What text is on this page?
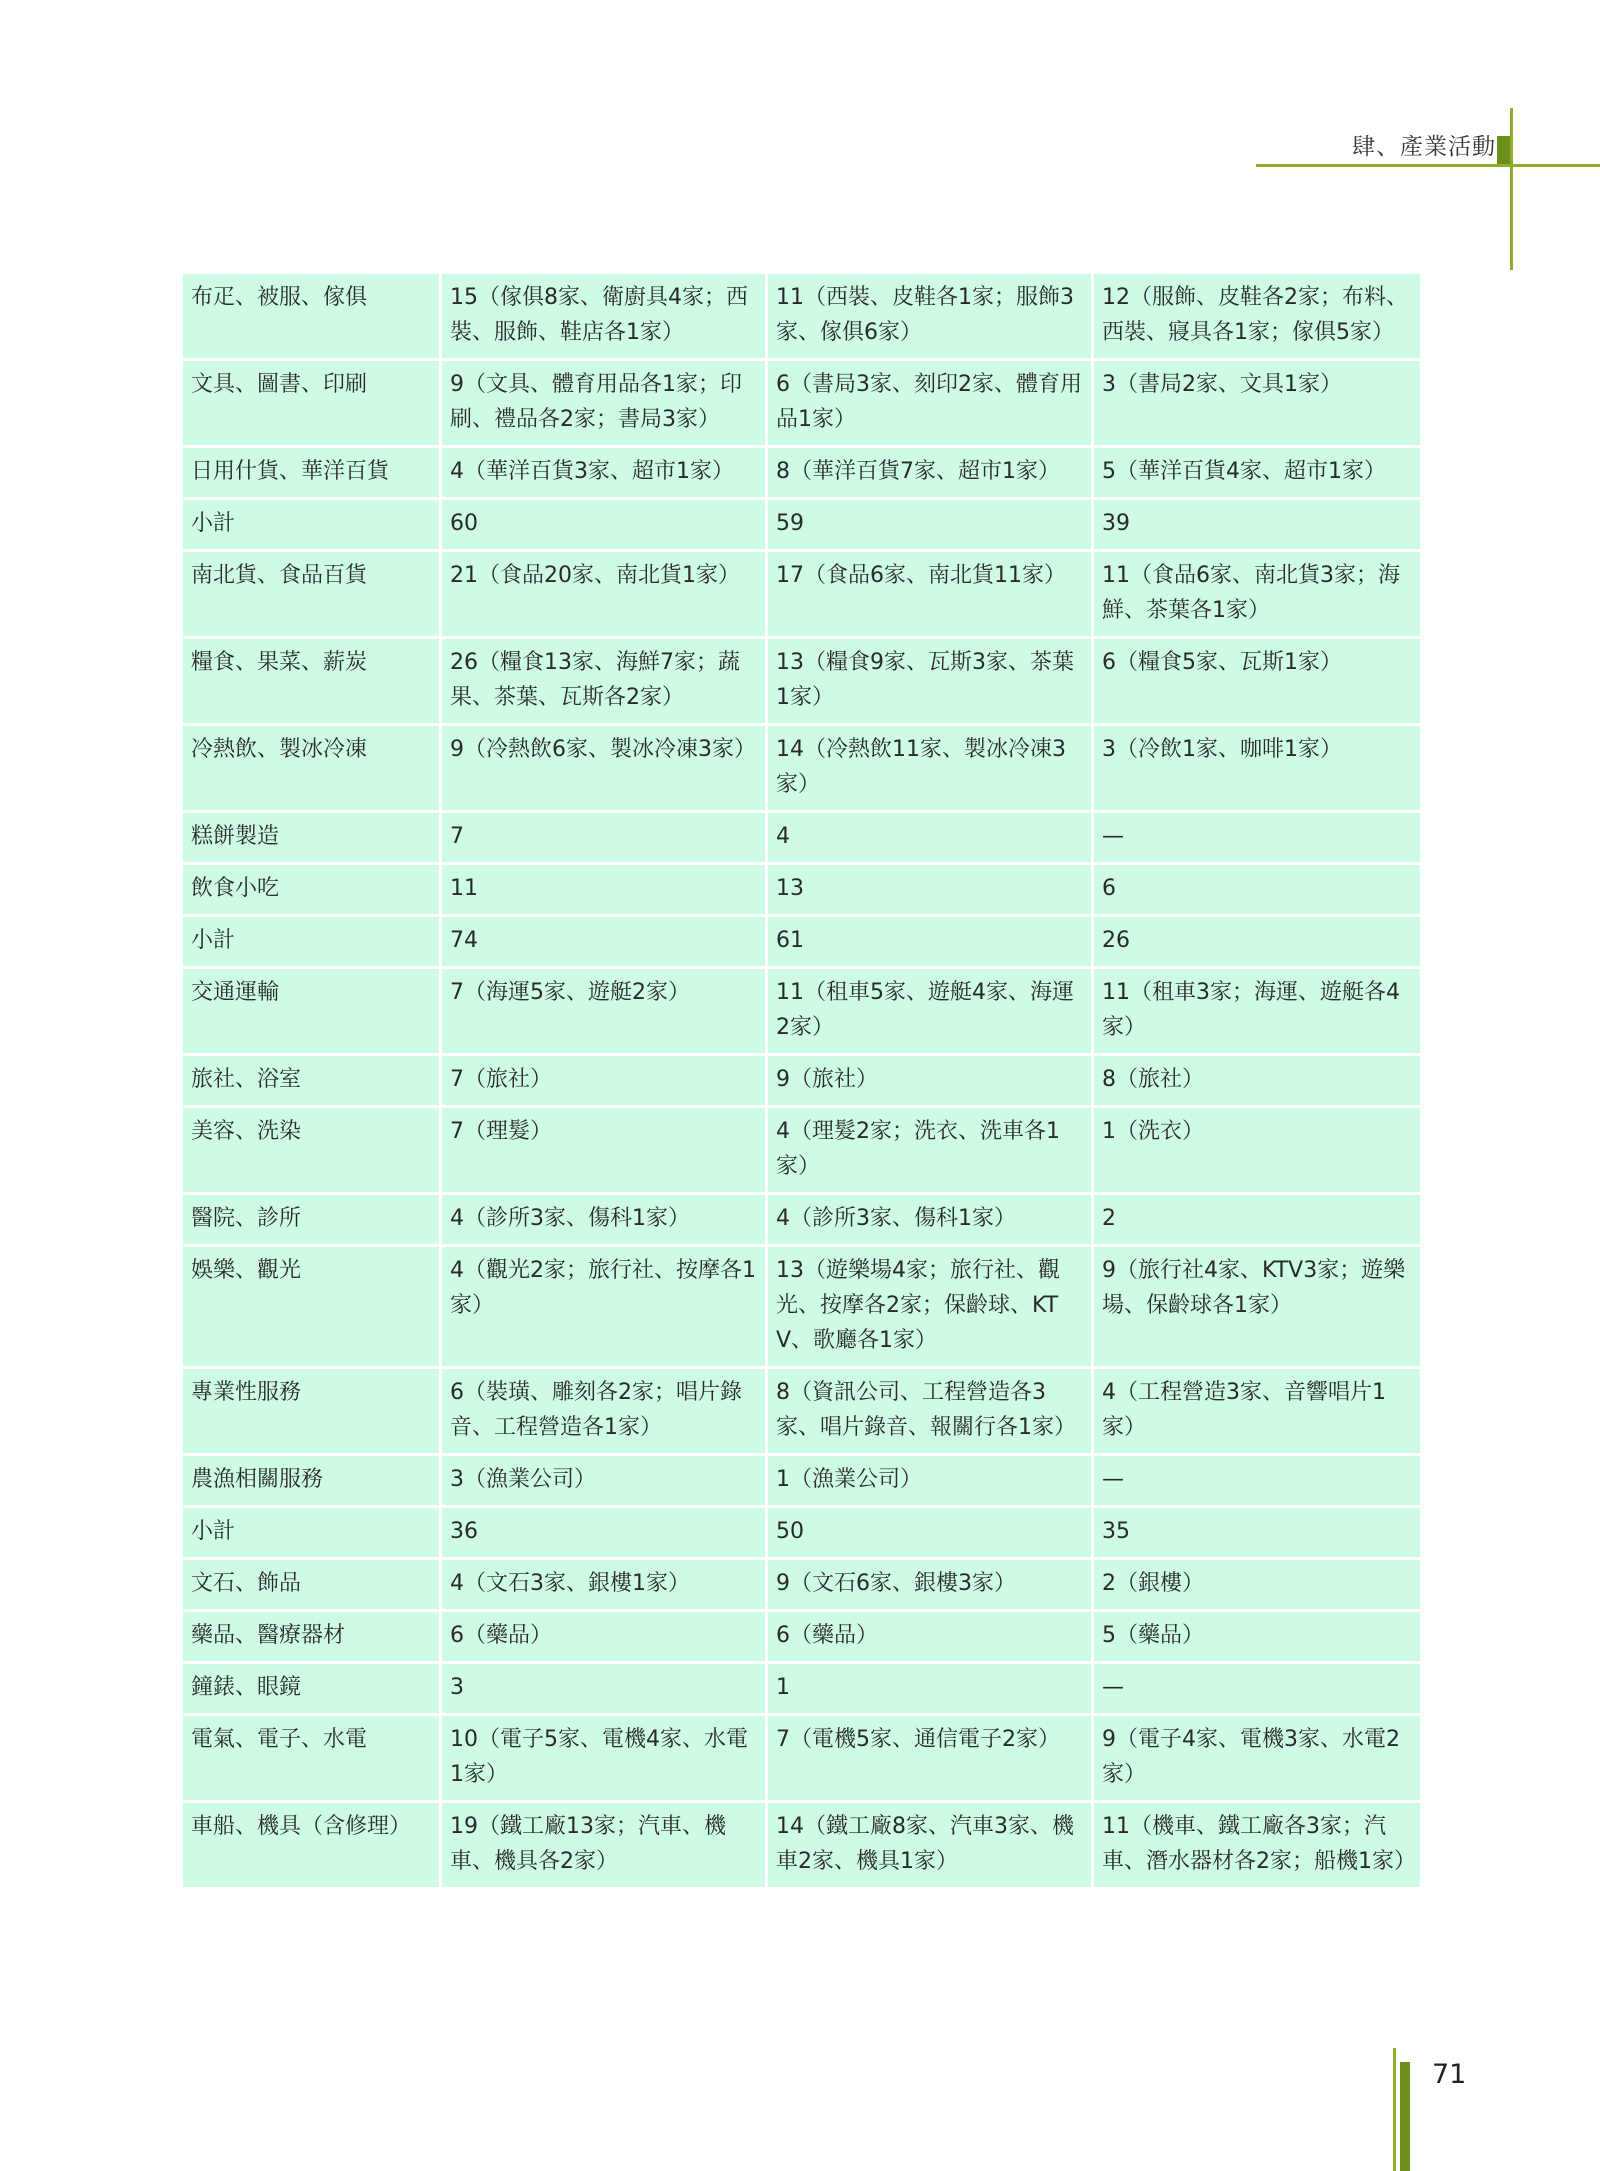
肆、產業活動
布疋、被服、傢俱	15（傢俱8家、衛廚具4家；西裝、服飾、鞋店各1家）	11（西裝、皮鞋各1家；服飾3家、傢俱6家）	12（服飾、皮鞋各2家；布料、西裝、寢具各1家；傢俱5家）
文具、圖書、印刷	9（文具、體育用品各1家；印刷、禮品各2家；書局3家）	6（書局3家、刻印2家、體育用品1家）	3（書局2家、文具1家）
日用什貨、華洋百貨	4（華洋百貨3家、超市1家）	8（華洋百貨7家、超市1家）	5（華洋百貨4家、超市1家）
小計	60	59	39
南北貨、食品百貨	21（食品20家、南北貨1家）	17（食品6家、南北貨11家）	11（食品6家、南北貨3家；海鮮、茶葉各1家）
糧食、果菜、薪炭	26（糧食13家、海鮮7家；蔬果、茶葉、瓦斯各2家）	13（糧食9家、瓦斯3家、茶葉1家）	6（糧食5家、瓦斯1家）
冷熱飲、製冰冷凍	9（冷熱飲6家、製冰冷凍3家）	14（冷熱飲11家、製冰冷凍3家）	3（冷飲1家、咖啡1家）
糕餅製造	7	4	—
飲食小吃	11	13	6
小計	74	61	26
交通運輸	7（海運5家、遊艇2家）	11（租車5家、遊艇4家、海運2家）	11（租車3家；海運、遊艇各4家）
旅社、浴室	7（旅社）	9（旅社）	8（旅社）
美容、洗染	7（理髮）	4（理髮2家；洗衣、洗車各1家）	1（洗衣）
醫院、診所	4（診所3家、傷科1家）	4（診所3家、傷科1家）	2
娛樂、觀光	4（觀光2家；旅行社、按摩各1家）	13（遊樂場4家；旅行社、觀光、按摩各2家；保齡球、KTV、歌廳各1家）	9（旅行社4家、KTV3家；遊樂場、保齡球各1家）
專業性服務	6（裝璜、雕刻各2家；唱片錄音、工程營造各1家）	8（資訊公司、工程營造各3家、唱片錄音、報關行各1家）	4（工程營造3家、音響唱片1家）
農漁相關服務	3（漁業公司）	1（漁業公司）	—
小計	36	50	35
文石、飾品	4（文石3家、銀樓1家）	9（文石6家、銀樓3家）	2（銀樓）
藥品、醫療器材	6（藥品）	6（藥品）	5（藥品）
鐘錶、眼鏡	3	1	—
電氣、電子、水電	10（電子5家、電機4家、水電1家）	7（電機5家、通信電子2家）	9（電子4家、電機3家、水電2家）
車船、機具（含修理）	19（鐵工廠13家；汽車、機車、機具各2家）	14（鐵工廠8家、汽車3家、機車2家、機具1家）	11（機車、鐵工廠各3家；汽車、潛水器材各2家；船機1家）
71
